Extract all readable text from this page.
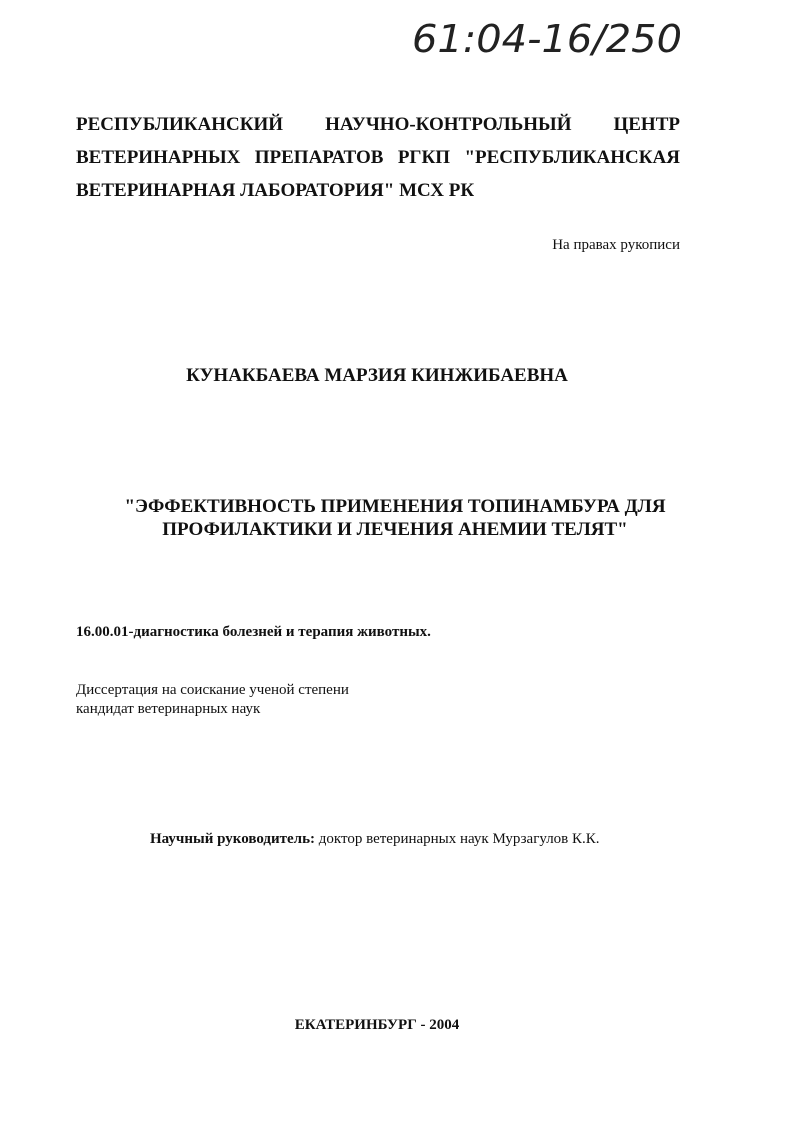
61:04-16/250
РЕСПУБЛИКАНСКИЙ НАУЧНО-КОНТРОЛЬНЫЙ ЦЕНТР
ВЕТЕРИНАРНЫХ ПРЕПАРАТОВ РГКП "РЕСПУБЛИКАНСКАЯ
ВЕТЕРИНАРНАЯ ЛАБОРАТОРИЯ" МСХ РК
На правах рукописи
КУНАКБАЕВА МАРЗИЯ КИНЖИБАЕВНА
"ЭФФЕКТИВНОСТЬ ПРИМЕНЕНИЯ ТОПИНАМБУРА ДЛЯ
ПРОФИЛАКТИКИ И ЛЕЧЕНИЯ АНЕМИИ ТЕЛЯТ"
16.00.01-диагностика болезней и терапия животных.
Диссертация на соискание ученой степени
кандидат ветеринарных наук
Научный руководитель: доктор ветеринарных наук Мурзагулов К.К.
ЕКАТЕРИНБУРГ - 2004
